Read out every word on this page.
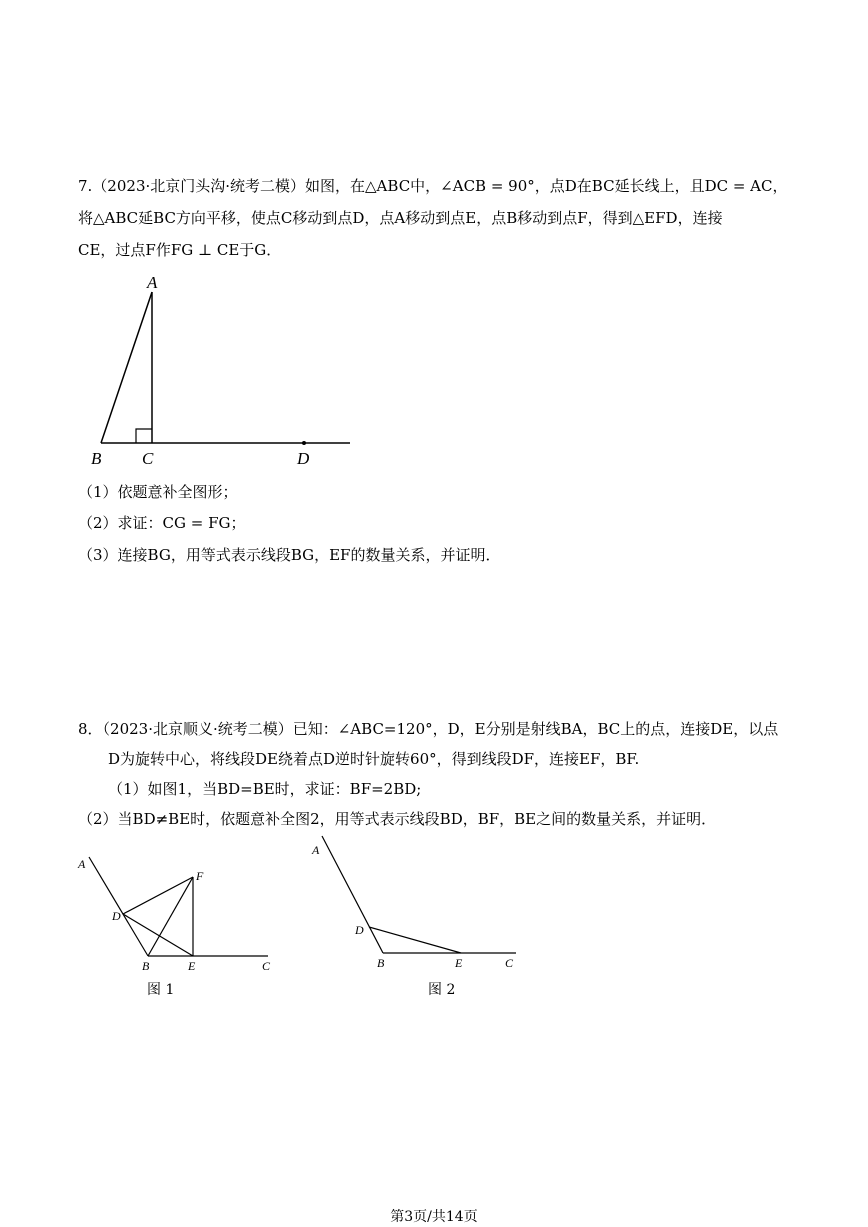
7.（2023·北京门头沟·统考二模）如图，在△ABC中，∠ACB = 90°，点D在BC延长线上，且DC = AC，
将△ABC延BC方向平移，使点C移动到点D，点A移动到点E，点B移动到点F，得到△EFD，连接
CE，过点F作FG ⊥ CE于G．
A
B C	D
A
F
D
B	E	C
A
D
B	E	C
（1）依题意补全图形；
（2）求证：CG = FG；
（3）连接BG，用等式表示线段BG，EF的数量关系，并证明．
8．（2023·北京顺义·统考二模）已知：∠ABC=120°，D，E分别是射线BA，BC上的点，连接DE，以点
D为旋转中心，将线段DE绕着点D逆时针旋转60°，得到线段DF，连接EF，BF.
（1）如图1，当BD=BE时，求证：BF=2BD;
（2）当BD≠BE时，依题意补全图2，用等式表示线段BD，BF，BE之间的数量关系，并证明．
图 1	图 2
第3页/共14页
